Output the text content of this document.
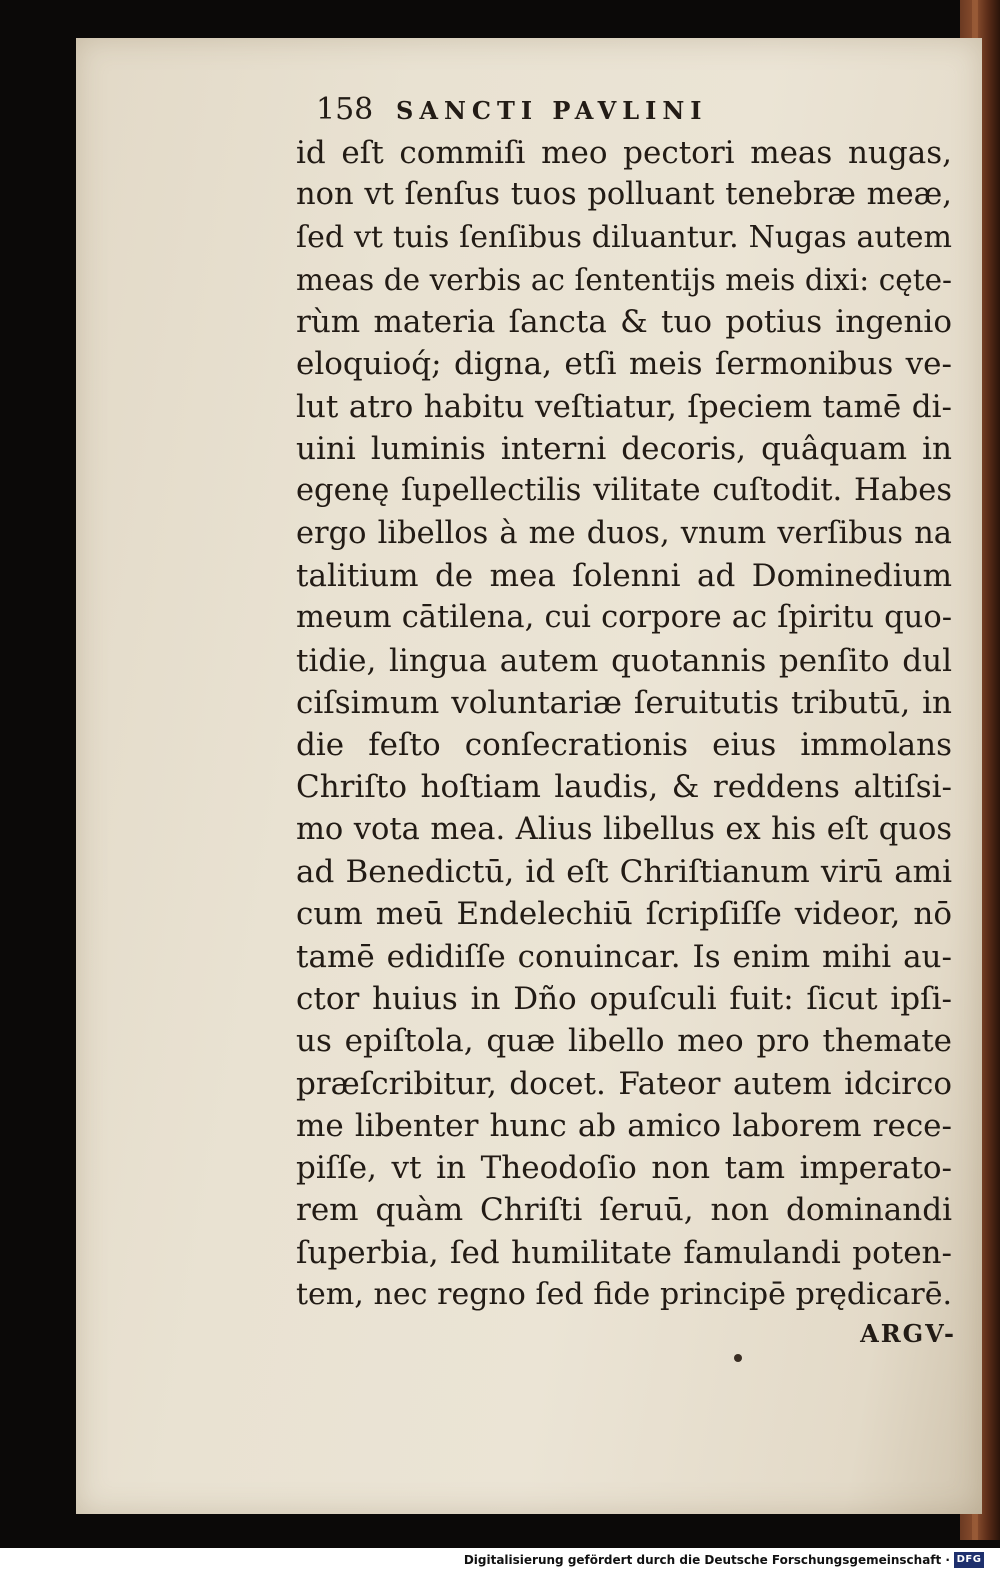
158 SANCTI PAVLINI
id eſt commiſi meo pectori meas nugas,
non vt ſenſus tuos polluant tenebræ meæ,
ſed vt tuis ſenſibus diluantur. Nugas autem
meas de verbis ac ſententijs meis dixi: cęte-
rùm materia ſancta & tuo potius ingenio
eloquioq́; digna, etſi meis ſermonibus ve-
lut atro habitu veſtiatur, ſpeciem tamē di-
uini luminis interni decoris, quâquam in
egenę ſupellectilis vilitate cuſtodit. Habes
ergo libellos à me duos, vnum verſibus na
talitium de mea ſolenni ad Dominedium
meum cātilena, cui corpore ac ſpiritu quo-
tidie, lingua autem quotannis penſito dul
ciſsimum voluntariæ ſeruitutis tributū, in
die feſto conſecrationis eius immolans
Chriſto hoſtiam laudis, & reddens altiſsi-
mo vota mea. Alius libellus ex his eſt quos
ad Benedictū, id eſt Chriſtianum virū ami
cum meū Endelechiū ſcripſiſſe videor, nō
tamē edidiſſe conuincar. Is enim mihi au-
ctor huius in Dño opuſculi fuit: ſicut ipſi-
us epiſtola, quæ libello meo pro themate
præſcribitur, docet. Fateor autem idcirco
me libenter hunc ab amico laborem rece-
piſſe, vt in Theodoſio non tam imperato-
rem quàm Chriſti ſeruū, non dominandi
ſuperbia, ſed humilitate famulandi poten-
tem, nec regno ſed fide principē prędicarē.
ARGV-
Digitalisierung gefördert durch die Deutsche Forschungsgemeinschaft · DFG
